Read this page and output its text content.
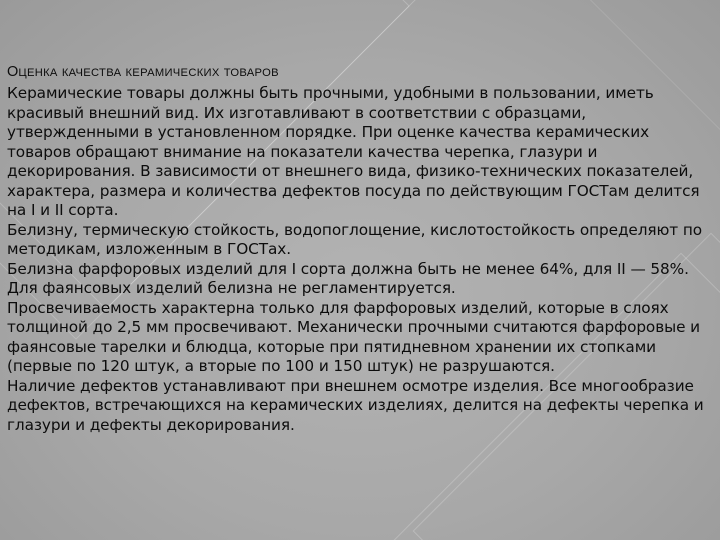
ОЦЕНКА КАЧЕСТВА КЕРАМИЧЕСКИХ ТОВАРОВ

Керамические товары должны быть прочными, удобными в пользовании, иметь красивый внешний вид. Их изготавливают в соответствии с образцами, утвержденными в установленном порядке. При оценке качества керамических товаров обращают внимание на показатели качества черепка, глазури и декорирования. В зависимости от внешнего вида, физико-технических показателей, характера, размера и количества дефектов посуда по действующим ГОСТам делится на I и II сорта.

Белизну, термическую стойкость, водопоглощение, кислотостойкость определяют по методикам, изложенным в ГОСТах.

Белизна фарфоровых изделий для I сорта должна быть не менее 64%, для II — 58%. Для фаянсовых изделий белизна не регламентируется.

Просвечиваемость характерна только для фарфоровых изделий, которые в слоях толщиной до 2,5 мм просвечивают. Механически прочными считаются фарфоровые и фаянсовые тарелки и блюдца, которые при пятидневном хранении их стопками (первые по 120 штук, а вторые по 100 и 150 штук) не разрушаются.

Наличие дефектов устанавливают при внешнем осмотре изделия. Все многообразие дефектов, встречающихся на керамических изделиях, делится на дефекты черепка и глазури и дефекты декорирования.
